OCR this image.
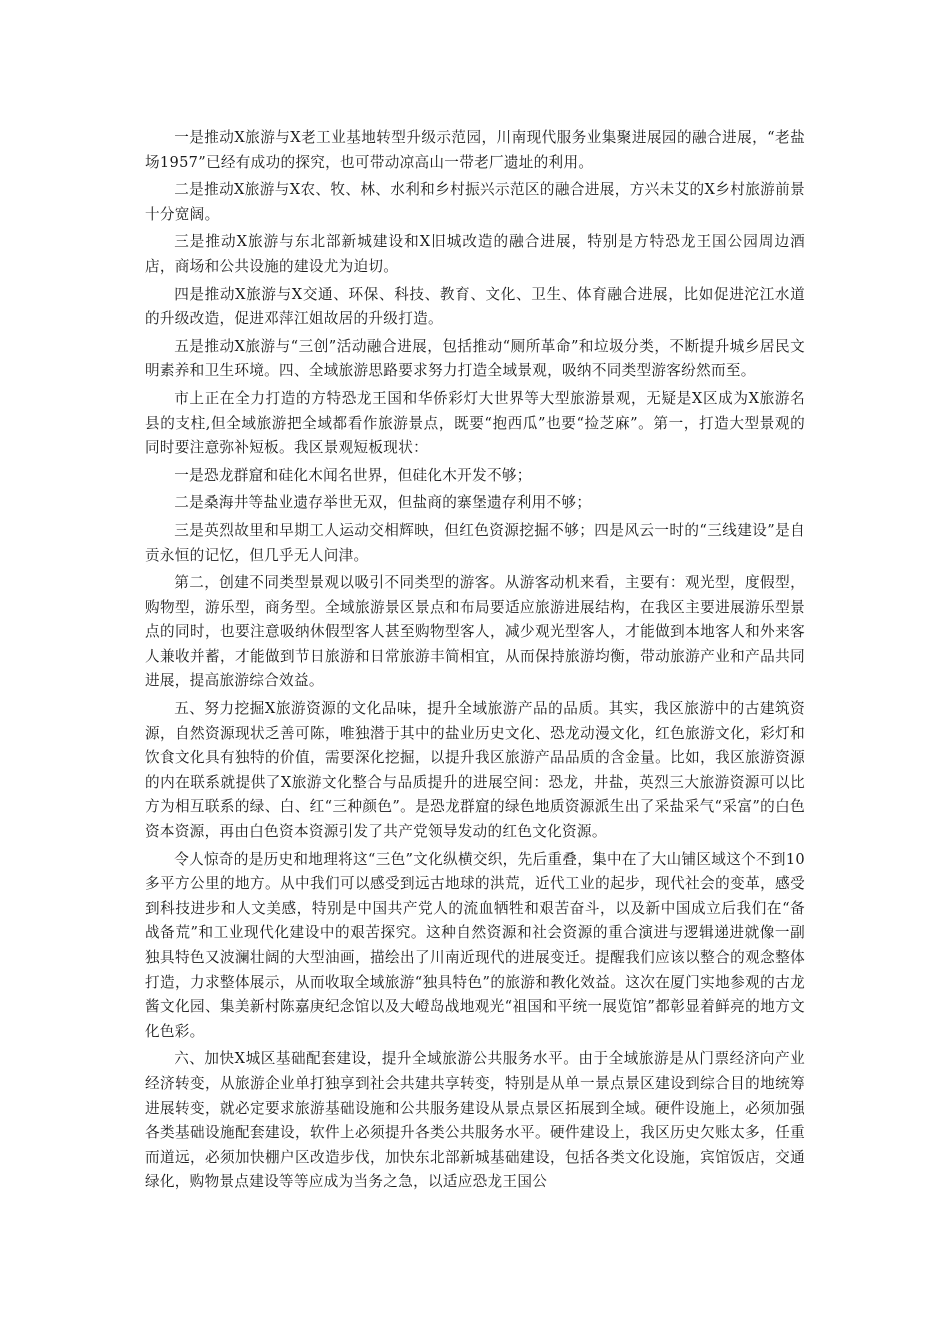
一是推动Ⅹ旅游与Ⅹ老工业基地转型升级示范园，川南现代服务业集聚进展园的融合进展，“老盐场1957”已经有成功的探究，也可带动凉高山一带老厂遗址的利用。

二是推动Ⅹ旅游与Ⅹ农、牧、林、水利和乡村振兴示范区的融合进展，方兴未艾的Ⅹ乡村旅游前景十分宽阔。

三是推动Ⅹ旅游与东北部新城建设和Ⅹ旧城改造的融合进展，特别是方特恐龙王国公园周边酒店，商场和公共设施的建设尤为迫切。

四是推动Ⅹ旅游与Ⅹ交通、环保、科技、教育、文化、卫生、体育融合进展，比如促进沱江水道的升级改造，促进邓萍江姐故居的升级打造。

五是推动Ⅹ旅游与“三创”活动融合进展，包括推动“厕所革命”和垃圾分类，不断提升城乡居民文明素养和卫生环境。四、全域旅游思路要求努力打造全域景观，吸纳不同类型游客纷然而至。

市上正在全力打造的方特恐龙王国和华侨彩灯大世界等大型旅游景观，无疑是Ⅹ区成为Ⅹ旅游名县的支柱,但全域旅游把全域都看作旅游景点，既要“抱西瓜”也要“捡芝麻”。第一，打造大型景观的同时要注意弥补短板。我区景观短板现状：

一是恐龙群窟和硅化木闻名世界，但硅化木开发不够；

二是桑海井等盐业遗存举世无双，但盐商的寨堡遗存利用不够；

三是英烈故里和早期工人运动交相辉映，但红色资源挖掘不够；四是风云一时的“三线建设”是自贡永恒的记忆，但几乎无人问津。

第二，创建不同类型景观以吸引不同类型的游客。从游客动机来看，主要有：观光型，度假型，购物型，游乐型，商务型。全域旅游景区景点和布局要适应旅游进展结构，在我区主要进展游乐型景点的同时，也要注意吸纳休假型客人甚至购物型客人，减少观光型客人，才能做到本地客人和外来客人兼收并蓄，才能做到节日旅游和日常旅游丰简相宜，从而保持旅游均衡，带动旅游产业和产品共同进展，提高旅游综合效益。

五、努力挖掘Ⅹ旅游资源的文化品味，提升全域旅游产品的品质。其实，我区旅游中的古建筑资源，自然资源现状乏善可陈，唯独潜于其中的盐业历史文化、恐龙动漫文化，红色旅游文化，彩灯和饮食文化具有独特的价值，需要深化挖掘，以提升我区旅游产品品质的含金量。比如，我区旅游资源的内在联系就提供了Ⅹ旅游文化整合与品质提升的进展空间：恐龙，井盐，英烈三大旅游资源可以比方为相互联系的绿、白、红“三种颜色”。是恐龙群窟的绿色地质资源派生出了采盐采气“采富”的白色资本资源，再由白色资本资源引发了共产党领导发动的红色文化资源。

令人惊奇的是历史和地理将这“三色”文化纵横交织，先后重叠，集中在了大山铺区域这个不到10多平方公里的地方。从中我们可以感受到远古地球的洪荒，近代工业的起步，现代社会的变革，感受到科技进步和人文美感，特别是中国共产党人的流血牺牲和艰苦奋斗，以及新中国成立后我们在“备战备荒”和工业现代化建设中的艰苦探究。这种自然资源和社会资源的重合演进与逻辑递进就像一副独具特色又波澜壮阔的大型油画，描绘出了川南近现代的进展变迁。提醒我们应该以整合的观念整体打造，力求整体展示，从而收取全域旅游“独具特色”的旅游和教化效益。这次在厦门实地参观的古龙酱文化园、集美新村陈嘉庚纪念馆以及大嶝岛战地观光“祖国和平统一展览馆”都彰显着鲜亮的地方文化色彩。

六、加快Ⅹ城区基础配套建设，提升全域旅游公共服务水平。由于全域旅游是从门票经济向产业经济转变，从旅游企业单打独享到社会共建共享转变，特别是从单一景点景区建设到综合目的地统筹进展转变，就必定要求旅游基础设施和公共服务建设从景点景区拓展到全域。硬件设施上，必须加强各类基础设施配套建设，软件上必须提升各类公共服务水平。硬件建设上，我区历史欠账太多，任重而道远，必须加快棚户区改造步伐，加快东北部新城基础建设，包括各类文化设施，宾馆饭店，交通绿化，购物景点建设等等应成为当务之急，以适应恐龙王国公
